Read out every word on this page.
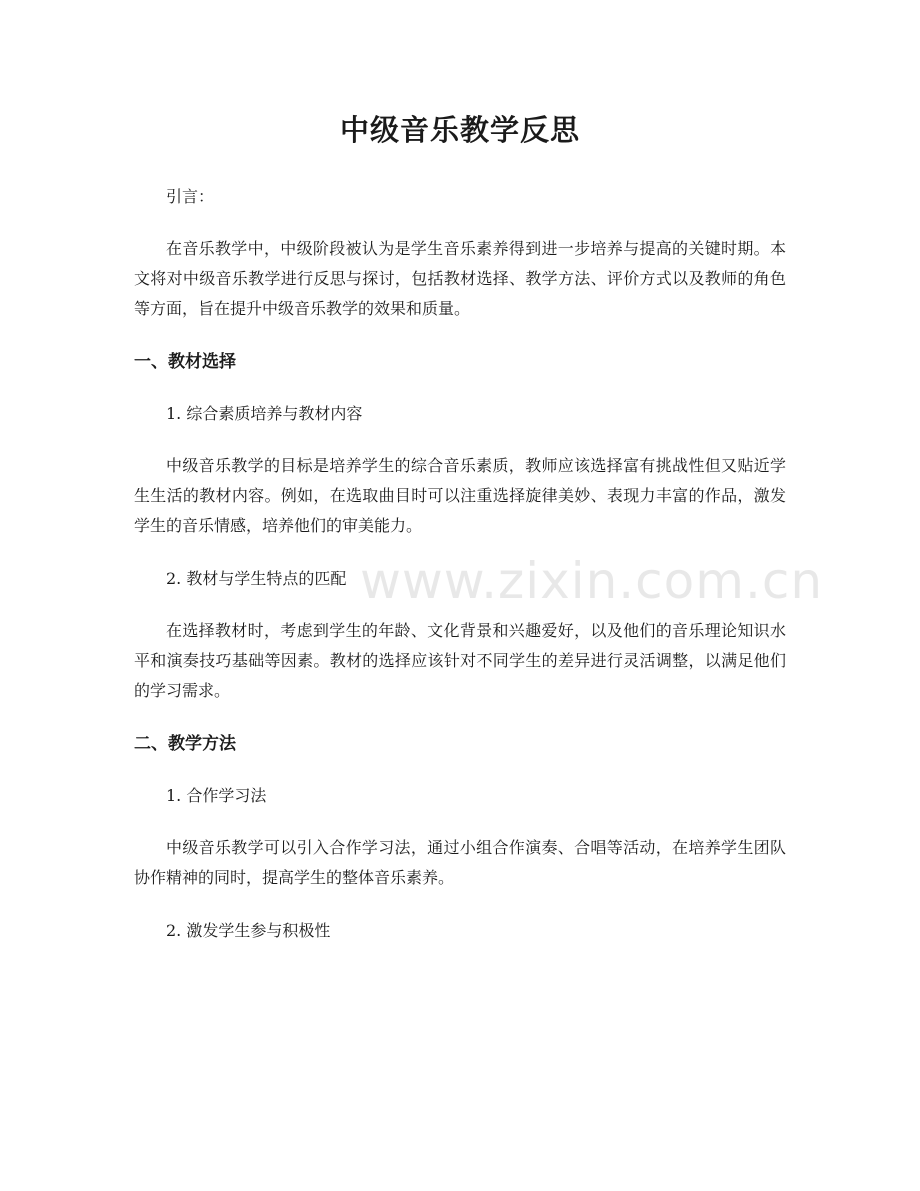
中级音乐教学反思

引言：

在音乐教学中，中级阶段被认为是学生音乐素养得到进一步培养与提高的关键时期。本文将对中级音乐教学进行反思与探讨，包括教材选择、教学方法、评价方式以及教师的角色等方面，旨在提升中级音乐教学的效果和质量。

一、教材选择

1. 综合素质培养与教材内容

中级音乐教学的目标是培养学生的综合音乐素质，教师应该选择富有挑战性但又贴近学生生活的教材内容。例如，在选取曲目时可以注重选择旋律美妙、表现力丰富的作品，激发学生的音乐情感，培养他们的审美能力。

2. 教材与学生特点的匹配

在选择教材时，考虑到学生的年龄、文化背景和兴趣爱好，以及他们的音乐理论知识水平和演奏技巧基础等因素。教材的选择应该针对不同学生的差异进行灵活调整，以满足他们的学习需求。

二、教学方法

1. 合作学习法

中级音乐教学可以引入合作学习法，通过小组合作演奏、合唱等活动，在培养学生团队协作精神的同时，提高学生的整体音乐素养。

2. 激发学生参与积极性

www.zixin.com.cn
